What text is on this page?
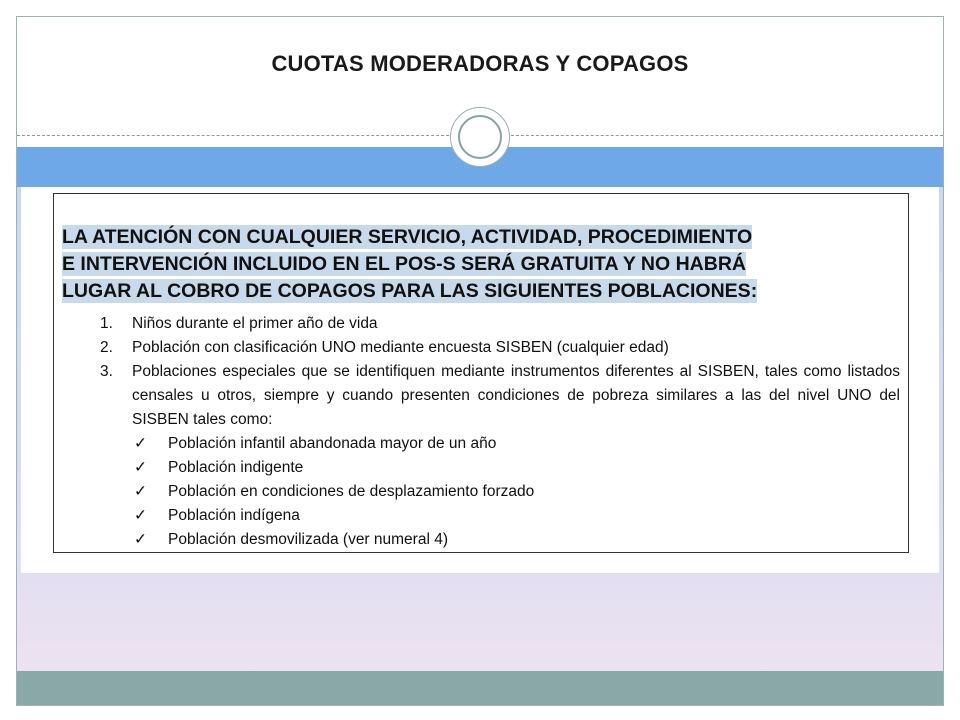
CUOTAS MODERADORAS Y COPAGOS
LA ATENCIÓN CON CUALQUIER SERVICIO, ACTIVIDAD, PROCEDIMIENTO
E INTERVENCIÓN INCLUIDO EN EL POS-S SERÁ GRATUITA Y NO HABRÁ
LUGAR AL COBRO DE COPAGOS PARA LAS SIGUIENTES POBLACIONES:
1. Niños durante el primer año de vida
2. Población con clasificación UNO mediante encuesta SISBEN (cualquier edad)
3. Poblaciones especiales que se identifiquen mediante instrumentos diferentes al SISBEN, tales como listados censales u otros, siempre y cuando presenten condiciones de pobreza similares a las del nivel UNO del SISBEN tales como:
✓ Población infantil abandonada mayor de un año
✓ Población indigente
✓ Población en condiciones de desplazamiento forzado
✓ Población indígena
✓ Población desmovilizada (ver numeral 4)
